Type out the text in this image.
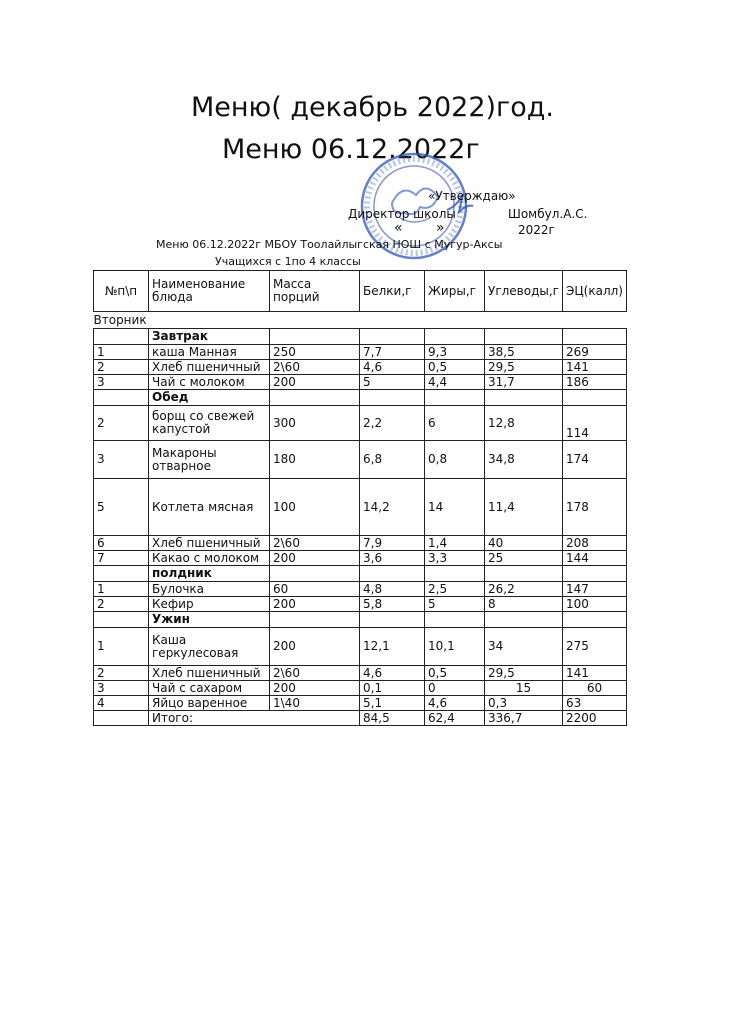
Меню( декабрь 2022)год.
Меню 06.12.2022г
«Утверждаю»
Директор школы	Шомбул.А.С.
« »	2022г
Меню 06.12.2022г МБОУ Тоолайлыгская НОШ с Мугур-Аксы
Учащихся с 1по 4 классы
№п\п	Наименование блюда	Масса порций	Белки,г	Жиры,г	Углеводы,г	ЭЦ(калл)
Вторник						
	Завтрак					
1	каша Манная	250	7,7	9,3	38,5	269
2	Хлеб пшеничный	2\60	4,6	0,5	29,5	141
3	Чай с молоком	200	5	4,4	31,7	186
	Обед					
2	борщ со свежей капустой	300	2,2	6	12,8	114
3	Макароны отварное	180	6,8	0,8	34,8	174
5	Котлета мясная	100	14,2	14	11,4	178
6	Хлеб пшеничный	2\60	7,9	1,4	40	208
7	Какао с молоком	200	3,6	3,3	25	144
	полдник					
1	Булочка	60	4,8	2,5	26,2	147
2	Кефир	200	5,8	5	8	100
	Ужин					
1	Каша геркулесовая	200	12,1	10,1	34	275
2	Хлеб пшеничный	2\60	4,6	0,5	29,5	141
3	Чай с сахаром	200	0,1	0	15	60
4	Яйцо варенное	1\40	5,1	4,6	0,3	63
	Итого:		84,5	62,4	336,7	2200
